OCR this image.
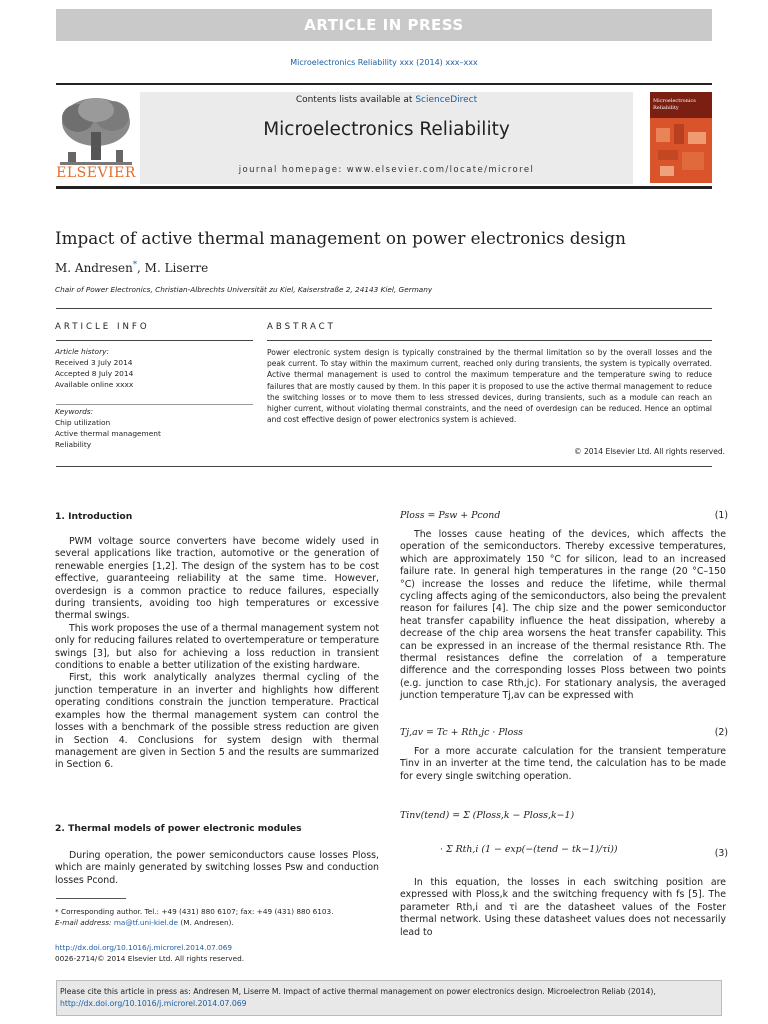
ARTICLE IN PRESS
Microelectronics Reliability xxx (2014) xxx–xxx
ELSEVIER
Contents lists available at ScienceDirect
Microelectronics Reliability
journal homepage: www.elsevier.com/locate/microrel
Microelectronics
Reliability
Impact of active thermal management on power electronics design
M. Andresen*, M. Liserre
Chair of Power Electronics, Christian-Albrechts Universität zu Kiel, Kaiserstraße 2, 24143 Kiel, Germany
ARTICLE INFO	ABSTRACT
Article history:
Received 3 July 2014
Accepted 8 July 2014
Available online xxxx
Keywords:
Chip utilization
Active thermal management
Reliability
Power electronic system design is typically constrained by the thermal limitation so by the overall losses and the peak current. To stay within the maximum current, reached only during transients, the system is typically overrated. Active thermal management is used to control the maximum temperature and the temperature swing to reduce failures that are mostly caused by them. In this paper it is proposed to use the active thermal management to reduce the switching losses or to move them to less stressed devices, during transients, such as a module can reach an higher current, without violating thermal constraints, and the need of overdesign can be reduced. Hence an optimal and cost effective design of power electronics system is achieved.
© 2014 Elsevier Ltd. All rights reserved.
1. Introduction

PWM voltage source converters have become widely used in several applications like traction, automotive or the generation of renewable energies [1,2]. The design of the system has to be cost effective, guaranteeing reliability at the same time. However, overdesign is a common practice to reduce failures, especially during transients, avoiding too high temperatures or excessive thermal swings.

This work proposes the use of a thermal management system not only for reducing failures related to overtemperature or temperature swings [3], but also for achieving a loss reduction in transient conditions to enable a better utilization of the existing hardware.

First, this work analytically analyzes thermal cycling of the junction temperature in an inverter and highlights how different operating conditions constrain the junction temperature. Practical examples how the thermal management system can control the losses with a benchmark of the possible stress reduction are given in Section 4. Conclusions for system design with thermal management are given in Section 5 and the results are summarized in Section 6.

2. Thermal models of power electronic modules

During operation, the power semiconductors cause losses Ploss, which are mainly generated by switching losses Psw and conduction losses Pcond.

* Corresponding author. Tel.: +49 (431) 880 6107; fax: +49 (431) 880 6103.
E-mail address: ma@tf.uni-kiel.de (M. Andresen).
http://dx.doi.org/10.1016/j.microrel.2014.07.069
0026-2714/© 2014 Elsevier Ltd. All rights reserved.
Ploss = Psw + Pcond	(1)

The losses cause heating of the devices, which affects the operation of the semiconductors. Thereby excessive temperatures, which are approximately 150 °C for silicon, lead to an increased failure rate. In general high temperatures in the range (20 °C–150 °C) increase the losses and reduce the lifetime, while thermal cycling affects aging of the semiconductors, also being the prevalent reason for failures [4]. The chip size and the power semiconductor heat transfer capability influence the heat dissipation, whereby a decrease of the chip area worsens the heat transfer capability. This can be expressed in an increase of the thermal resistance Rth. The thermal resistances define the correlation of a temperature difference and the corresponding losses Ploss between two points (e.g. junction to case Rth,jc). For stationary analysis, the averaged junction temperature Tj,av can be expressed with

Tj,av = Tc + Rth,jc · Ploss	(2)

For a more accurate calculation for the transient temperature Tinv in an inverter at the time tend, the calculation has to be made for every single switching operation.

Tinv(tend) = Σ (Ploss,k − Ploss,k−1)
· Σ Rth,i (1 − exp(−(tend − tk−1)/τi))	(3)

In this equation, the losses in each switching position are expressed with Ploss,k and the switching frequency with fs [5]. The parameter Rth,i and τi are the datasheet values of the Foster thermal network. Using these datasheet values does not necessarily lead to

Please cite this article in press as: Andresen M, Liserre M. Impact of active thermal management on power electronics design. Microelectron Reliab (2014),
http://dx.doi.org/10.1016/j.microrel.2014.07.069
